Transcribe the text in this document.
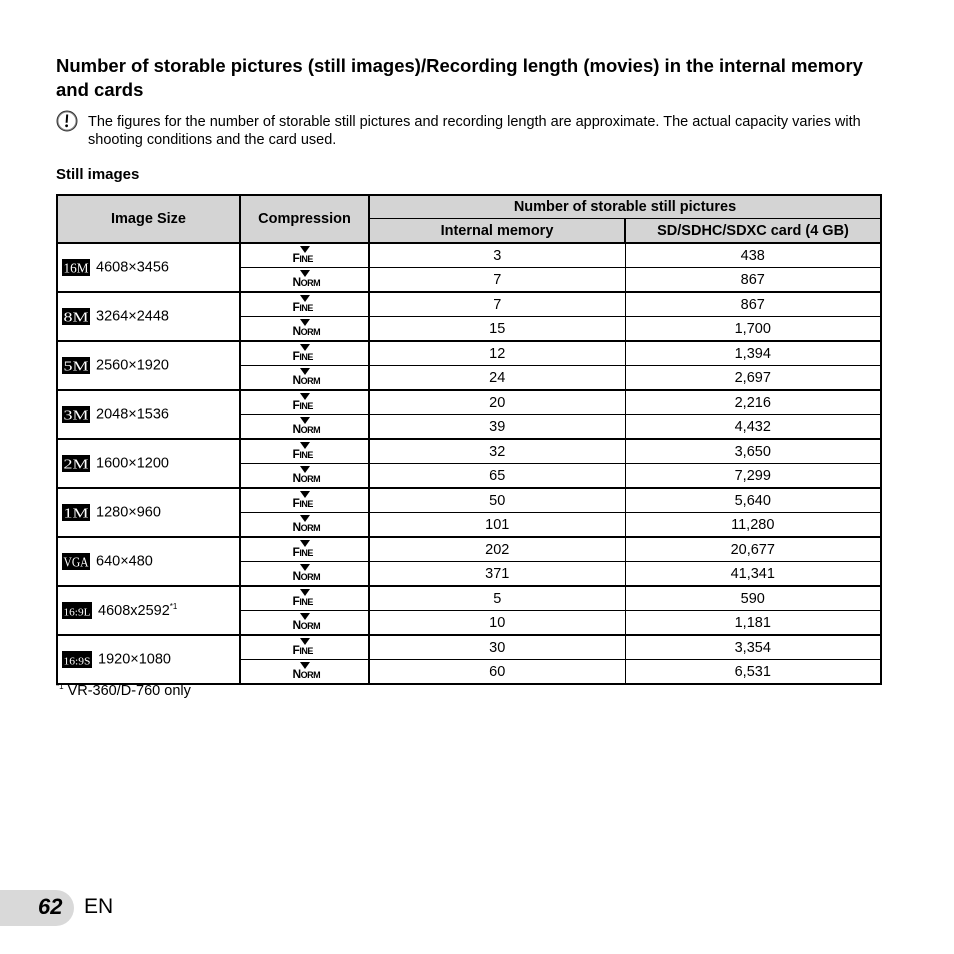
Number of storable pictures (still images)/Recording length (movies) in the internal memory and cards
The figures for the number of storable still pictures and recording length are approximate. The actual capacity varies with shooting conditions and the card used.
Still images
Image Size	Compression	Number of storable still pictures	
		Internal memory	SD/SDHC/SDXC card (4 GB)

16M 4608×3456	FINE	3	438

	NORM	7	867

8M 3264×2448	FINE	7	867

	NORM	15	1,700

5M 2560×1920	FINE	12	1,394

	NORM	24	2,697

3M 2048×1536	FINE	20	2,216

	NORM	39	4,432

2M 1600×1200	FINE	32	3,650

	NORM	65	7,299

1M 1280×960	FINE	50	5,640

	NORM	101	11,280

VGA 640×480	FINE	202	20,677

	NORM	371	41,341

16:9L 4608x2592$^{*1}$	FINE	5	590

	NORM	10	1,181

16:9S 1920×1080	FINE	30	3,354

	NORM	60	6,531
$^{*1}$ VR-360/D-760 only
62 EN
